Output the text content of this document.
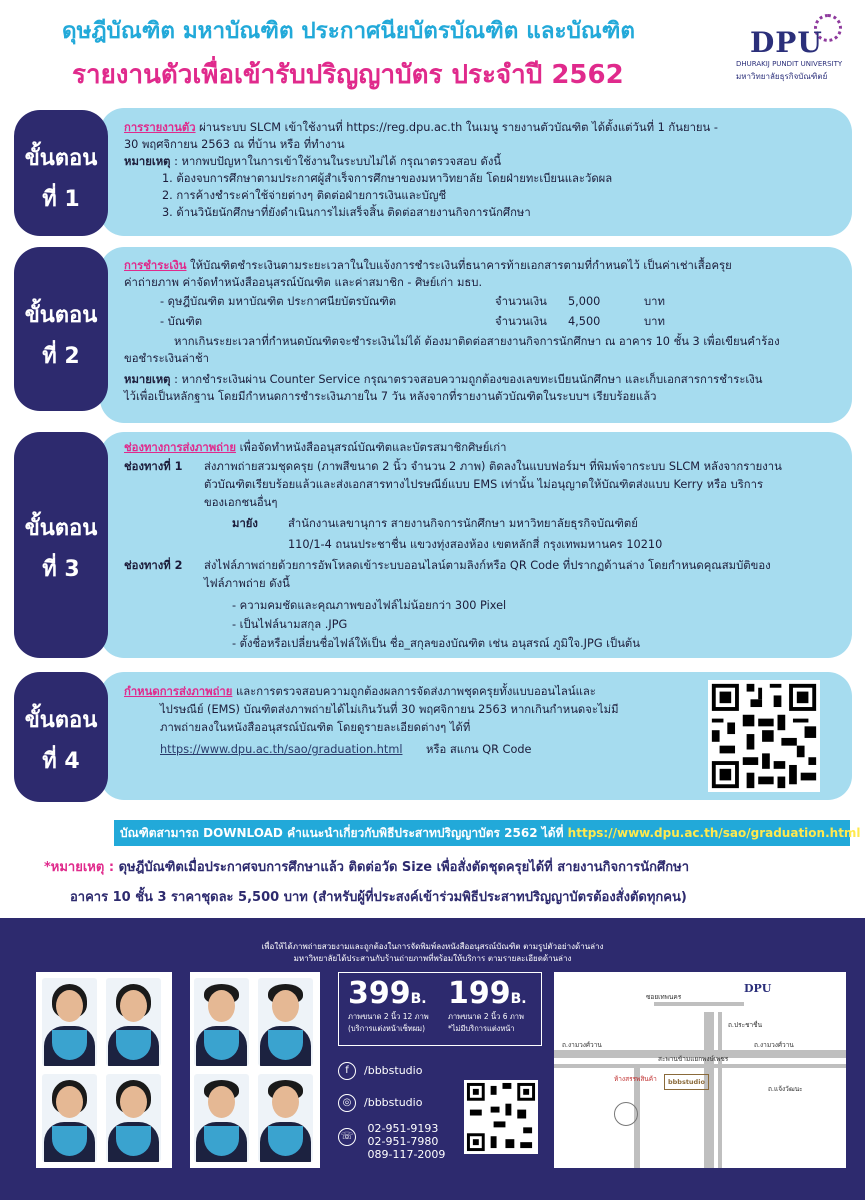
ดุษฎีบัณฑิต มหาบัณฑิต ประกาศนียบัตรบัณฑิต และบัณฑิต
รายงานตัวเพื่อเข้ารับปริญญาบัตร ประจำปี 2562
DPU
DHURAKIJ PUNDIT UNIVERSITY
มหาวิทยาลัยธุรกิจบัณฑิตย์
ขั้นตอน
ที่ 1
การรายงานตัว ผ่านระบบ SLCM เข้าใช้งานที่ https://reg.dpu.ac.th ในเมนู รายงานตัวบัณฑิต ได้ตั้งแต่วันที่ 1 กันยายน -
30 พฤศจิกายน 2563 ณ ที่บ้าน หรือ ที่ทำงาน
หมายเหตุ : หากพบปัญหาในการเข้าใช้งานในระบบไม่ได้ กรุณาตรวจสอบ ดังนี้
1. ต้องจบการศึกษาตามประกาศผู้สำเร็จการศึกษาของมหาวิทยาลัย โดยฝ่ายทะเบียนและวัดผล
2. การค้างชำระค่าใช้จ่ายต่างๆ ติดต่อฝ่ายการเงินและบัญชี
3. ด้านวินัยนักศึกษาที่ยังดำเนินการไม่เสร็จสิ้น ติดต่อสายงานกิจการนักศึกษา
ขั้นตอน
ที่ 2
การชำระเงิน ให้บัณฑิตชำระเงินตามระยะเวลาในใบแจ้งการชำระเงินที่ธนาคารท้ายเอกสารตามที่กำหนดไว้ เป็นค่าเช่าเสื้อครุย
ค่าถ่ายภาพ ค่าจัดทำหนังสืออนุสรณ์บัณฑิต และค่าสมาชิก - ศิษย์เก่า มธบ.
- ดุษฎีบัณฑิต มหาบัณฑิต ประกาศนียบัตรบัณฑิต	จำนวนเงิน 5,000	บาท
- บัณฑิต	จำนวนเงิน 4,500	บาท
หากเกินระยะเวลาที่กำหนดบัณฑิตจะชำระเงินไม่ได้ ต้องมาติดต่อสายงานกิจการนักศึกษา ณ อาคาร 10 ชั้น 3 เพื่อเขียนคำร้อง
ขอชำระเงินล่าช้า
หมายเหตุ : หากชำระเงินผ่าน Counter Service กรุณาตรวจสอบความถูกต้องของเลขทะเบียนนักศึกษา และเก็บเอกสารการชำระเงิน
ไว้เพื่อเป็นหลักฐาน โดยมีกำหนดการชำระเงินภายใน 7 วัน หลังจากที่รายงานตัวบัณฑิตในระบบฯ เรียบร้อยแล้ว
ขั้นตอน
ที่ 3
ช่องทางการส่งภาพถ่าย เพื่อจัดทำหนังสืออนุสรณ์บัณฑิตและบัตรสมาชิกศิษย์เก่า
ช่องทางที่ 1 ส่งภาพถ่ายสวมชุดครุย (ภาพสีขนาด 2 นิ้ว จำนวน 2 ภาพ) ติดลงในแบบฟอร์มฯ ที่พิมพ์จากระบบ SLCM หลังจากรายงาน
ตัวบัณฑิตเรียบร้อยแล้วและส่งเอกสารทางไปรษณีย์แบบ EMS เท่านั้น ไม่อนุญาตให้บัณฑิตส่งแบบ Kerry หรือ บริการ
ของเอกชนอื่นๆ
มายัง	สำนักงานเลขานุการ สายงานกิจการนักศึกษา มหาวิทยาลัยธุรกิจบัณฑิตย์
110/1-4 ถนนประชาชื่น แขวงทุ่งสองห้อง เขตหลักสี่ กรุงเทพมหานคร 10210
ช่องทางที่ 2 ส่งไฟล์ภาพถ่ายด้วยการอัพโหลดเข้าระบบออนไลน์ตามลิงก์หรือ QR Code ที่ปรากฏด้านล่าง โดยกำหนดคุณสมบัติของ
ไฟล์ภาพถ่าย ดังนี้
- ความคมชัดและคุณภาพของไฟล์ไม่น้อยกว่า 300 Pixel
- เป็นไฟล์นามสกุล .JPG
- ตั้งชื่อหรือเปลี่ยนชื่อไฟล์ให้เป็น ชื่อ_สกุลของบัณฑิต เช่น อนุสรณ์ ภูมิใจ.JPG เป็นต้น
ขั้นตอน
ที่ 4
กำหนดการส่งภาพถ่าย และการตรวจสอบความถูกต้องผลการจัดส่งภาพชุดครุยทั้งแบบออนไลน์และ
ไปรษณีย์ (EMS) บัณฑิตส่งภาพถ่ายได้ไม่เกินวันที่ 30 พฤศจิกายน 2563 หากเกินกำหนดจะไม่มี
ภาพถ่ายลงในหนังสืออนุสรณ์บัณฑิต โดยดูรายละเอียดต่างๆ ได้ที่
https://www.dpu.ac.th/sao/graduation.html หรือ สแกน QR Code
บัณฑิตสามารถ DOWNLOAD คำแนะนำเกี่ยวกับพิธีประสาทปริญญาบัตร 2562 ได้ที่ https://www.dpu.ac.th/sao/graduation.html
*หมายเหตุ : ดุษฎีบัณฑิตเมื่อประกาศจบการศึกษาแล้ว ติดต่อวัด Size เพื่อสั่งตัดชุดครุยได้ที่ สายงานกิจการนักศึกษา
อาคาร 10 ชั้น 3 ราคาชุดละ 5,500 บาท (สำหรับผู้ที่ประสงค์เข้าร่วมพิธีประสาทปริญญาบัตรต้องสั่งตัดทุกคน)
เพื่อให้ได้ภาพถ่ายสวยงามและถูกต้องในการจัดพิมพ์ลงหนังสืออนุสรณ์บัณฑิต ตามรูปตัวอย่างด้านล่าง
มหาวิทยาลัยได้ประสานกับร้านถ่ายภาพที่พร้อมให้บริการ ตามรายละเอียดด้านล่าง
399B.
ภาพขนาด 2 นิ้ว 12 ภาพ
(บริการแต่งหน้าเซ็ทผม)
199B.
ภาพขนาด 2 นิ้ว 6 ภาพ
*ไม่มีบริการแต่งหน้า
f /bbbstudio
◎ /bbbstudio
☏ 02-951-9193
02-951-7980
089-117-2009
ซอยเทพนคร
ถ.ประชาชื่น
ถ.งามวงศ์วาน	ถ.งามวงศ์วาน
สะพานข้ามแยกพงษ์เพชร
ถ.แจ้งวัฒนะ
bbbstudio
ห้างสรรพสินค้า
DPU
